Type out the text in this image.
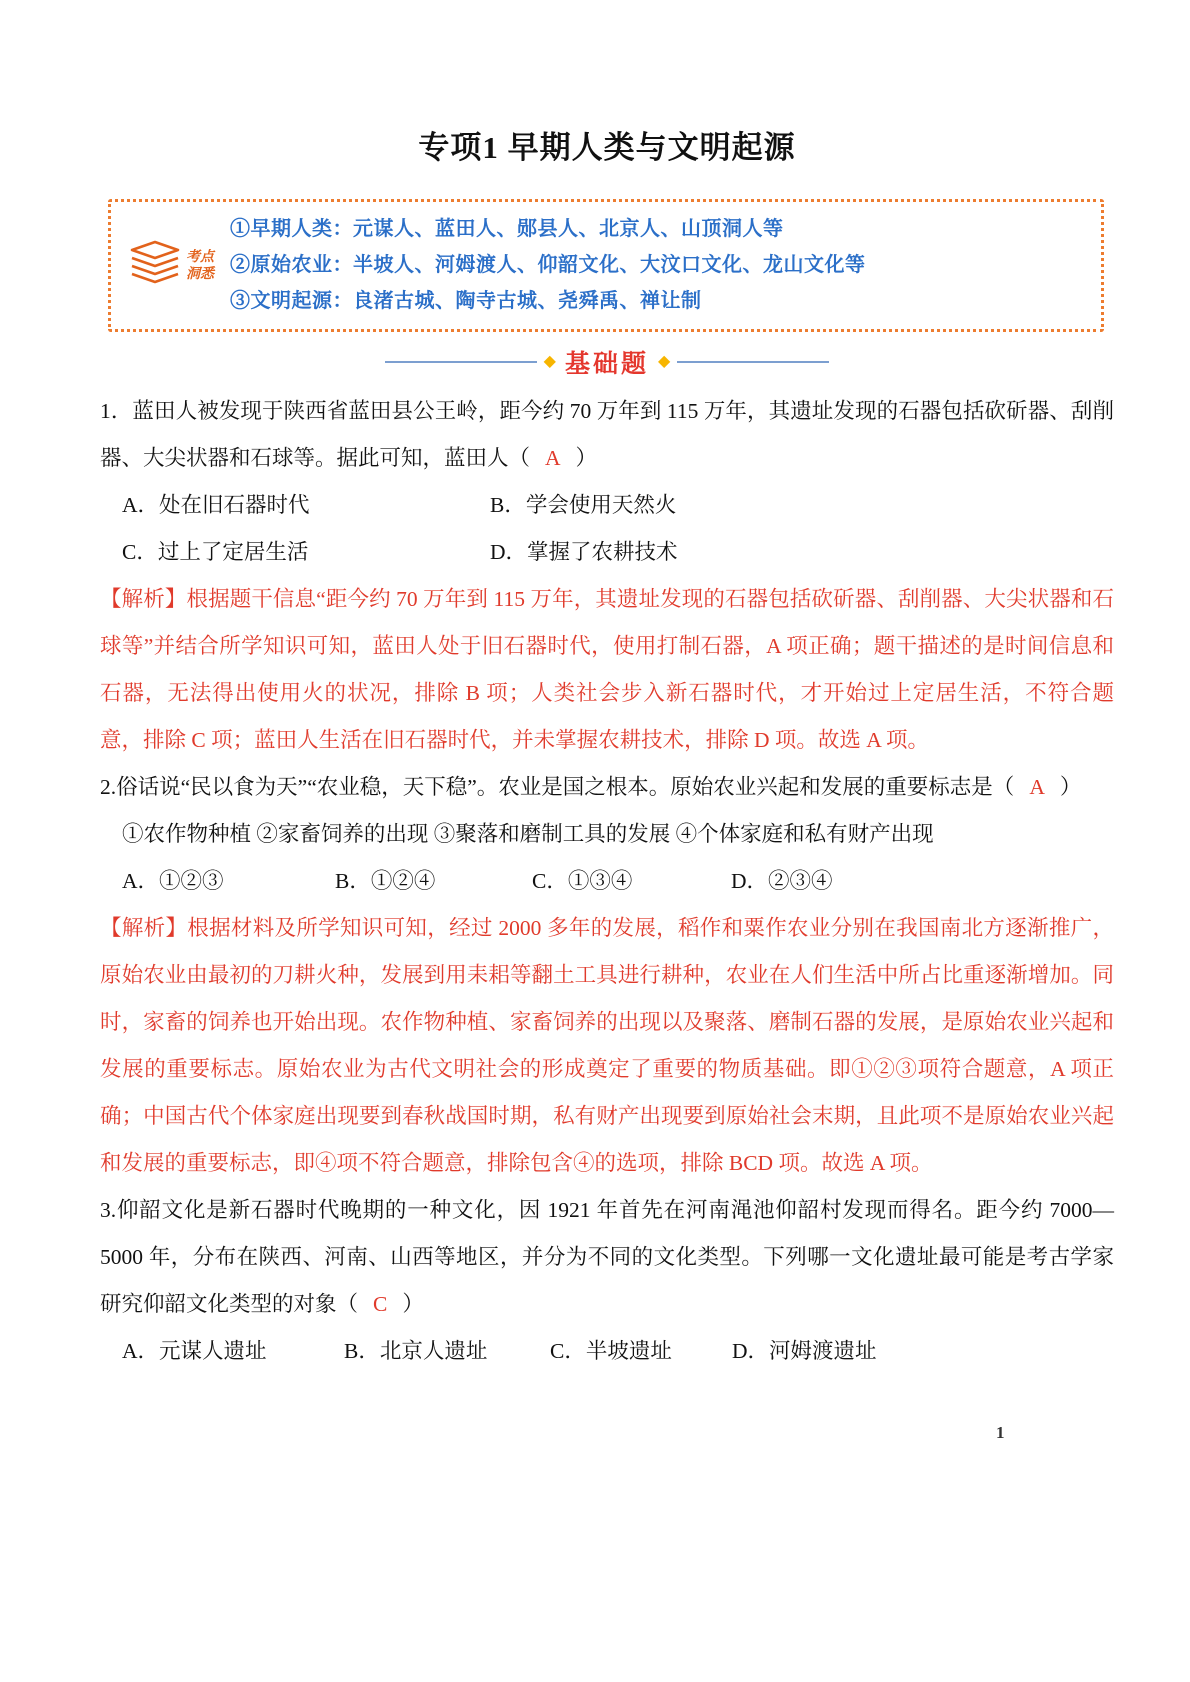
专项1 早期人类与文明起源
考点
洞悉
①早期人类：元谋人、蓝田人、郧县人、北京人、山顶洞人等
②原始农业：半坡人、河姆渡人、仰韶文化、大汶口文化、龙山文化等
③文明起源：良渚古城、陶寺古城、尧舜禹、禅让制
◆ 基础题 ◆

1．蓝田人被发现于陕西省蓝田县公王岭，距今约 70 万年到 115 万年，其遗址发现的石器包括砍斫器、刮削器、大尖状器和石球等。据此可知，蓝田人（ A ）

A．处在旧石器时代	B．学会使用天然火
C．过上了定居生活	D．掌握了农耕技术

【解析】根据题干信息“距今约 70 万年到 115 万年，其遗址发现的石器包括砍斫器、刮削器、大尖状器和石球等”并结合所学知识可知，蓝田人处于旧石器时代，使用打制石器，A 项正确；题干描述的是时间信息和石器，无法得出使用火的状况，排除 B 项；人类社会步入新石器时代，才开始过上定居生活，不符合题意，排除 C 项；蓝田人生活在旧石器时代，并未掌握农耕技术，排除 D 项。故选 A 项。

2.俗话说“民以食为天”“农业稳，天下稳”。农业是国之根本。原始农业兴起和发展的重要标志是（ A ）

①农作物种植 ②家畜饲养的出现 ③聚落和磨制工具的发展 ④个体家庭和私有财产出现

A．①②③	B．①②④	C．①③④	D．②③④

【解析】根据材料及所学知识可知，经过 2000 多年的发展，稻作和粟作农业分别在我国南北方逐渐推广，原始农业由最初的刀耕火种，发展到用耒耜等翻土工具进行耕种，农业在人们生活中所占比重逐渐增加。同时，家畜的饲养也开始出现。农作物种植、家畜饲养的出现以及聚落、磨制石器的发展，是原始农业兴起和发展的重要标志。原始农业为古代文明社会的形成奠定了重要的物质基础。即①②③项符合题意，A 项正确；中国古代个体家庭出现要到春秋战国时期，私有财产出现要到原始社会末期，且此项不是原始农业兴起和发展的重要标志，即④项不符合题意，排除包含④的选项，排除 BCD 项。故选 A 项。

3.仰韶文化是新石器时代晚期的一种文化，因 1921 年首先在河南渑池仰韶村发现而得名。距今约 7000—5000 年，分布在陕西、河南、山西等地区，并分为不同的文化类型。下列哪一文化遗址最可能是考古学家研究仰韶文化类型的对象（ C ）

A．元谋人遗址	B．北京人遗址	C．半坡遗址	D．河姆渡遗址
1
